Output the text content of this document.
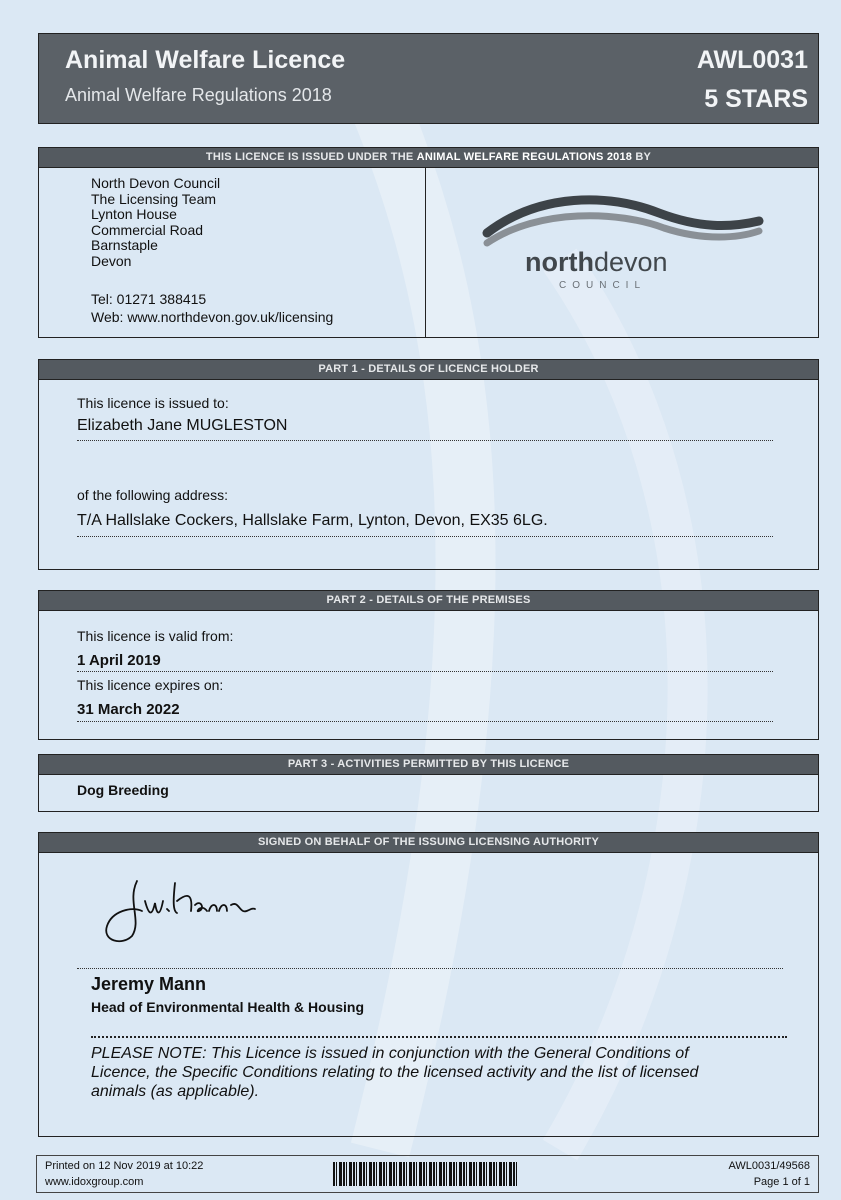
Animal Welfare Licence
Animal Welfare Regulations 2018
AWL0031
5 STARS
THIS LICENCE IS ISSUED UNDER THE ANIMAL WELFARE REGULATIONS 2018 BY
North Devon Council
The Licensing Team
Lynton House
Commercial Road
Barnstaple
Devon
Tel: 01271 388415
Web: www.northdevon.gov.uk/licensing
northdevon
COUNCIL
PART 1 - DETAILS OF LICENCE HOLDER
This licence is issued to:
Elizabeth Jane MUGLESTON
of the following address:
T/A Hallslake Cockers, Hallslake Farm, Lynton, Devon, EX35 6LG.
PART 2 - DETAILS OF THE PREMISES
This licence is valid from:
1 April 2019
This licence expires on:
31 March 2022
PART 3 - ACTIVITIES PERMITTED BY THIS LICENCE
Dog Breeding
SIGNED ON BEHALF OF THE ISSUING LICENSING AUTHORITY
Jeremy Mann
Head of Environmental Health & Housing
PLEASE NOTE: This Licence is issued in conjunction with the General Conditions of Licence, the Specific Conditions relating to the licensed activity and the list of licensed animals (as applicable).
Printed on 12 Nov 2019 at 10:22
www.idoxgroup.com
AWL0031/49568
Page 1 of 1
